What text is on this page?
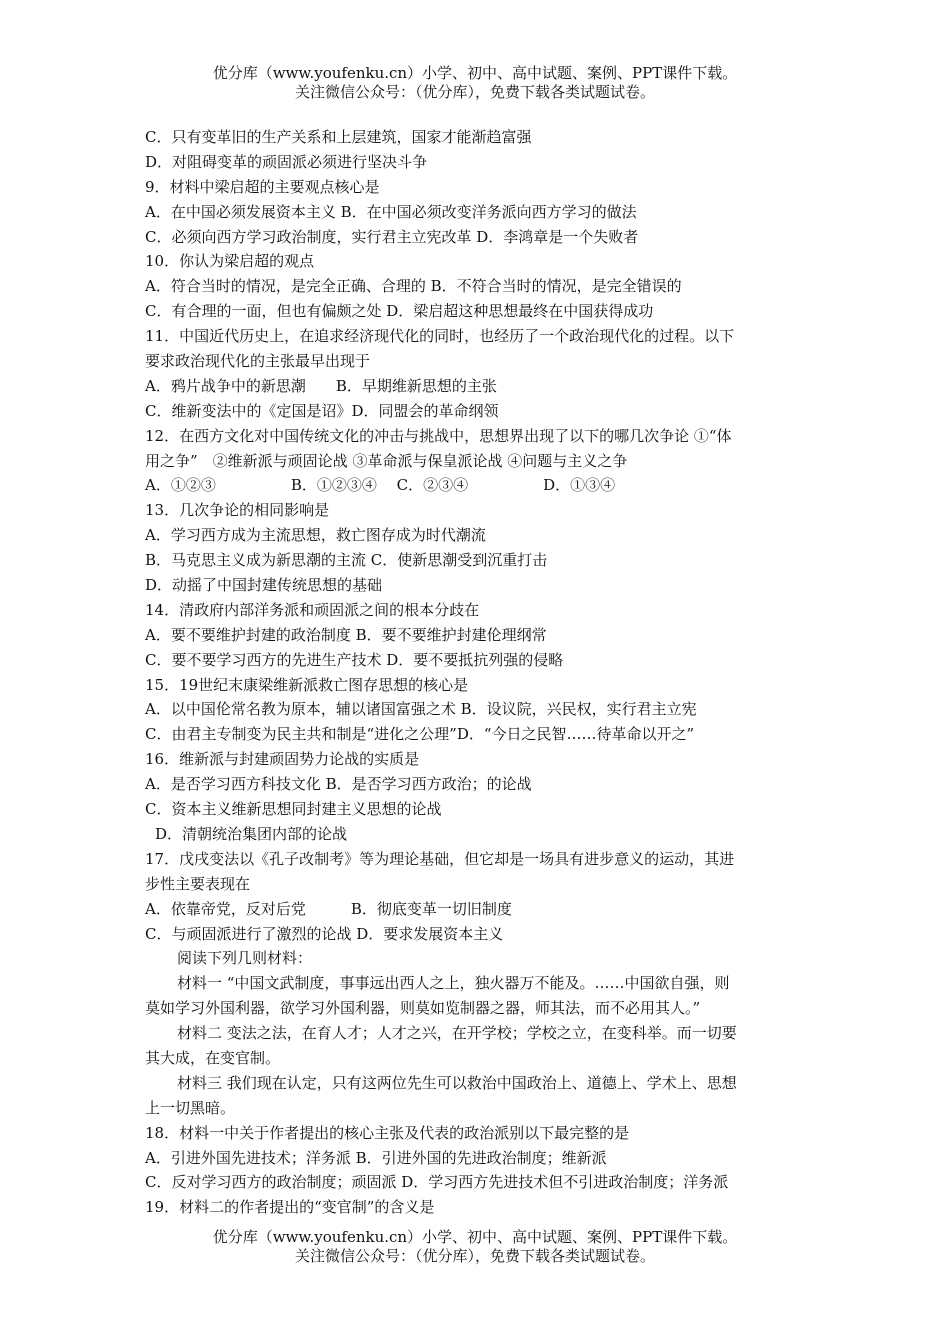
优分库（www.youfenku.cn）小学、初中、高中试题、案例、PPT课件下载。
关注微信公众号：（优分库），免费下载各类试题试卷。
C．只有变革旧的生产关系和上层建筑，国家才能渐趋富强
D．对阻碍变革的顽固派必须进行坚决斗争
9．材料中梁启超的主要观点核心是
A．在中国必须发展资本主义 B．在中国必须改变洋务派向西方学习的做法
C．必须向西方学习政治制度，实行君主立宪改革 D．李鸿章是一个失败者
10．你认为梁启超的观点
A．符合当时的情况，是完全正确、合理的 B．不符合当时的情况，是完全错误的
C．有合理的一面，但也有偏颇之处 D．梁启超这种思想最终在中国获得成功
11．中国近代历史上，在追求经济现代化的同时，也经历了一个政治现代化的过程。以下
要求政治现代化的主张最早出现于
A．鸦片战争中的新思潮　　B．早期维新思想的主张
C．维新变法中的《定国是诏》D．同盟会的革命纲领
12．在西方文化对中国传统文化的冲击与挑战中，思想界出现了以下的哪几次争论 ①“体
用之争”　②维新派与顽固论战 ③革命派与保皇派论战 ④问题与主义之争
A．①②③　　　　　B．①②③④　 C．②③④　　　　　D．①③④
13．几次争论的相同影响是
A．学习西方成为主流思想，救亡图存成为时代潮流
B．马克思主义成为新思潮的主流 C．使新思潮受到沉重打击
D．动摇了中国封建传统思想的基础
14．清政府内部洋务派和顽固派之间的根本分歧在
A．要不要维护封建的政治制度 B．要不要维护封建伦理纲常
C．要不要学习西方的先进生产技术 D．要不要抵抗列强的侵略
15．19世纪末康梁维新派救亡图存思想的核心是
A．以中国伦常名教为原本，辅以诸国富强之术 B．设议院，兴民权，实行君主立宪
C．由君主专制变为民主共和制是“进化之公理”D．“今日之民智……待革命以开之”
16．维新派与封建顽固势力论战的实质是
A．是否学习西方科技文化 B．是否学习西方政治；的论战
C．资本主义维新思想同封建主义思想的论战
D．清朝统治集团内部的论战
17．戊戌变法以《孔子改制考》等为理论基础，但它却是一场具有进步意义的运动，其进
步性主要表现在
A．依靠帝党，反对后党　　　B．彻底变革一切旧制度
C．与顽固派进行了激烈的论战 D．要求发展资本主义
阅读下列几则材料：
材料一 “中国文武制度，事事远出西人之上，独火器万不能及。……中国欲自强，则
莫如学习外国利器，欲学习外国利器，则莫如览制器之器，师其法，而不必用其人。”
材料二 变法之法，在育人才；人才之兴，在开学校；学校之立，在变科举。而一切要
其大成，在变官制。
材料三 我们现在认定，只有这两位先生可以救治中国政治上、道德上、学术上、思想
上一切黑暗。
18．材料一中关于作者提出的核心主张及代表的政治派别以下最完整的是
A．引进外国先进技术；洋务派 B．引进外国的先进政治制度；维新派
C．反对学习西方的政治制度；顽固派 D．学习西方先进技术但不引进政治制度；洋务派
19．材料二的作者提出的“变官制”的含义是
优分库（www.youfenku.cn）小学、初中、高中试题、案例、PPT课件下载。
关注微信公众号：（优分库），免费下载各类试题试卷。
